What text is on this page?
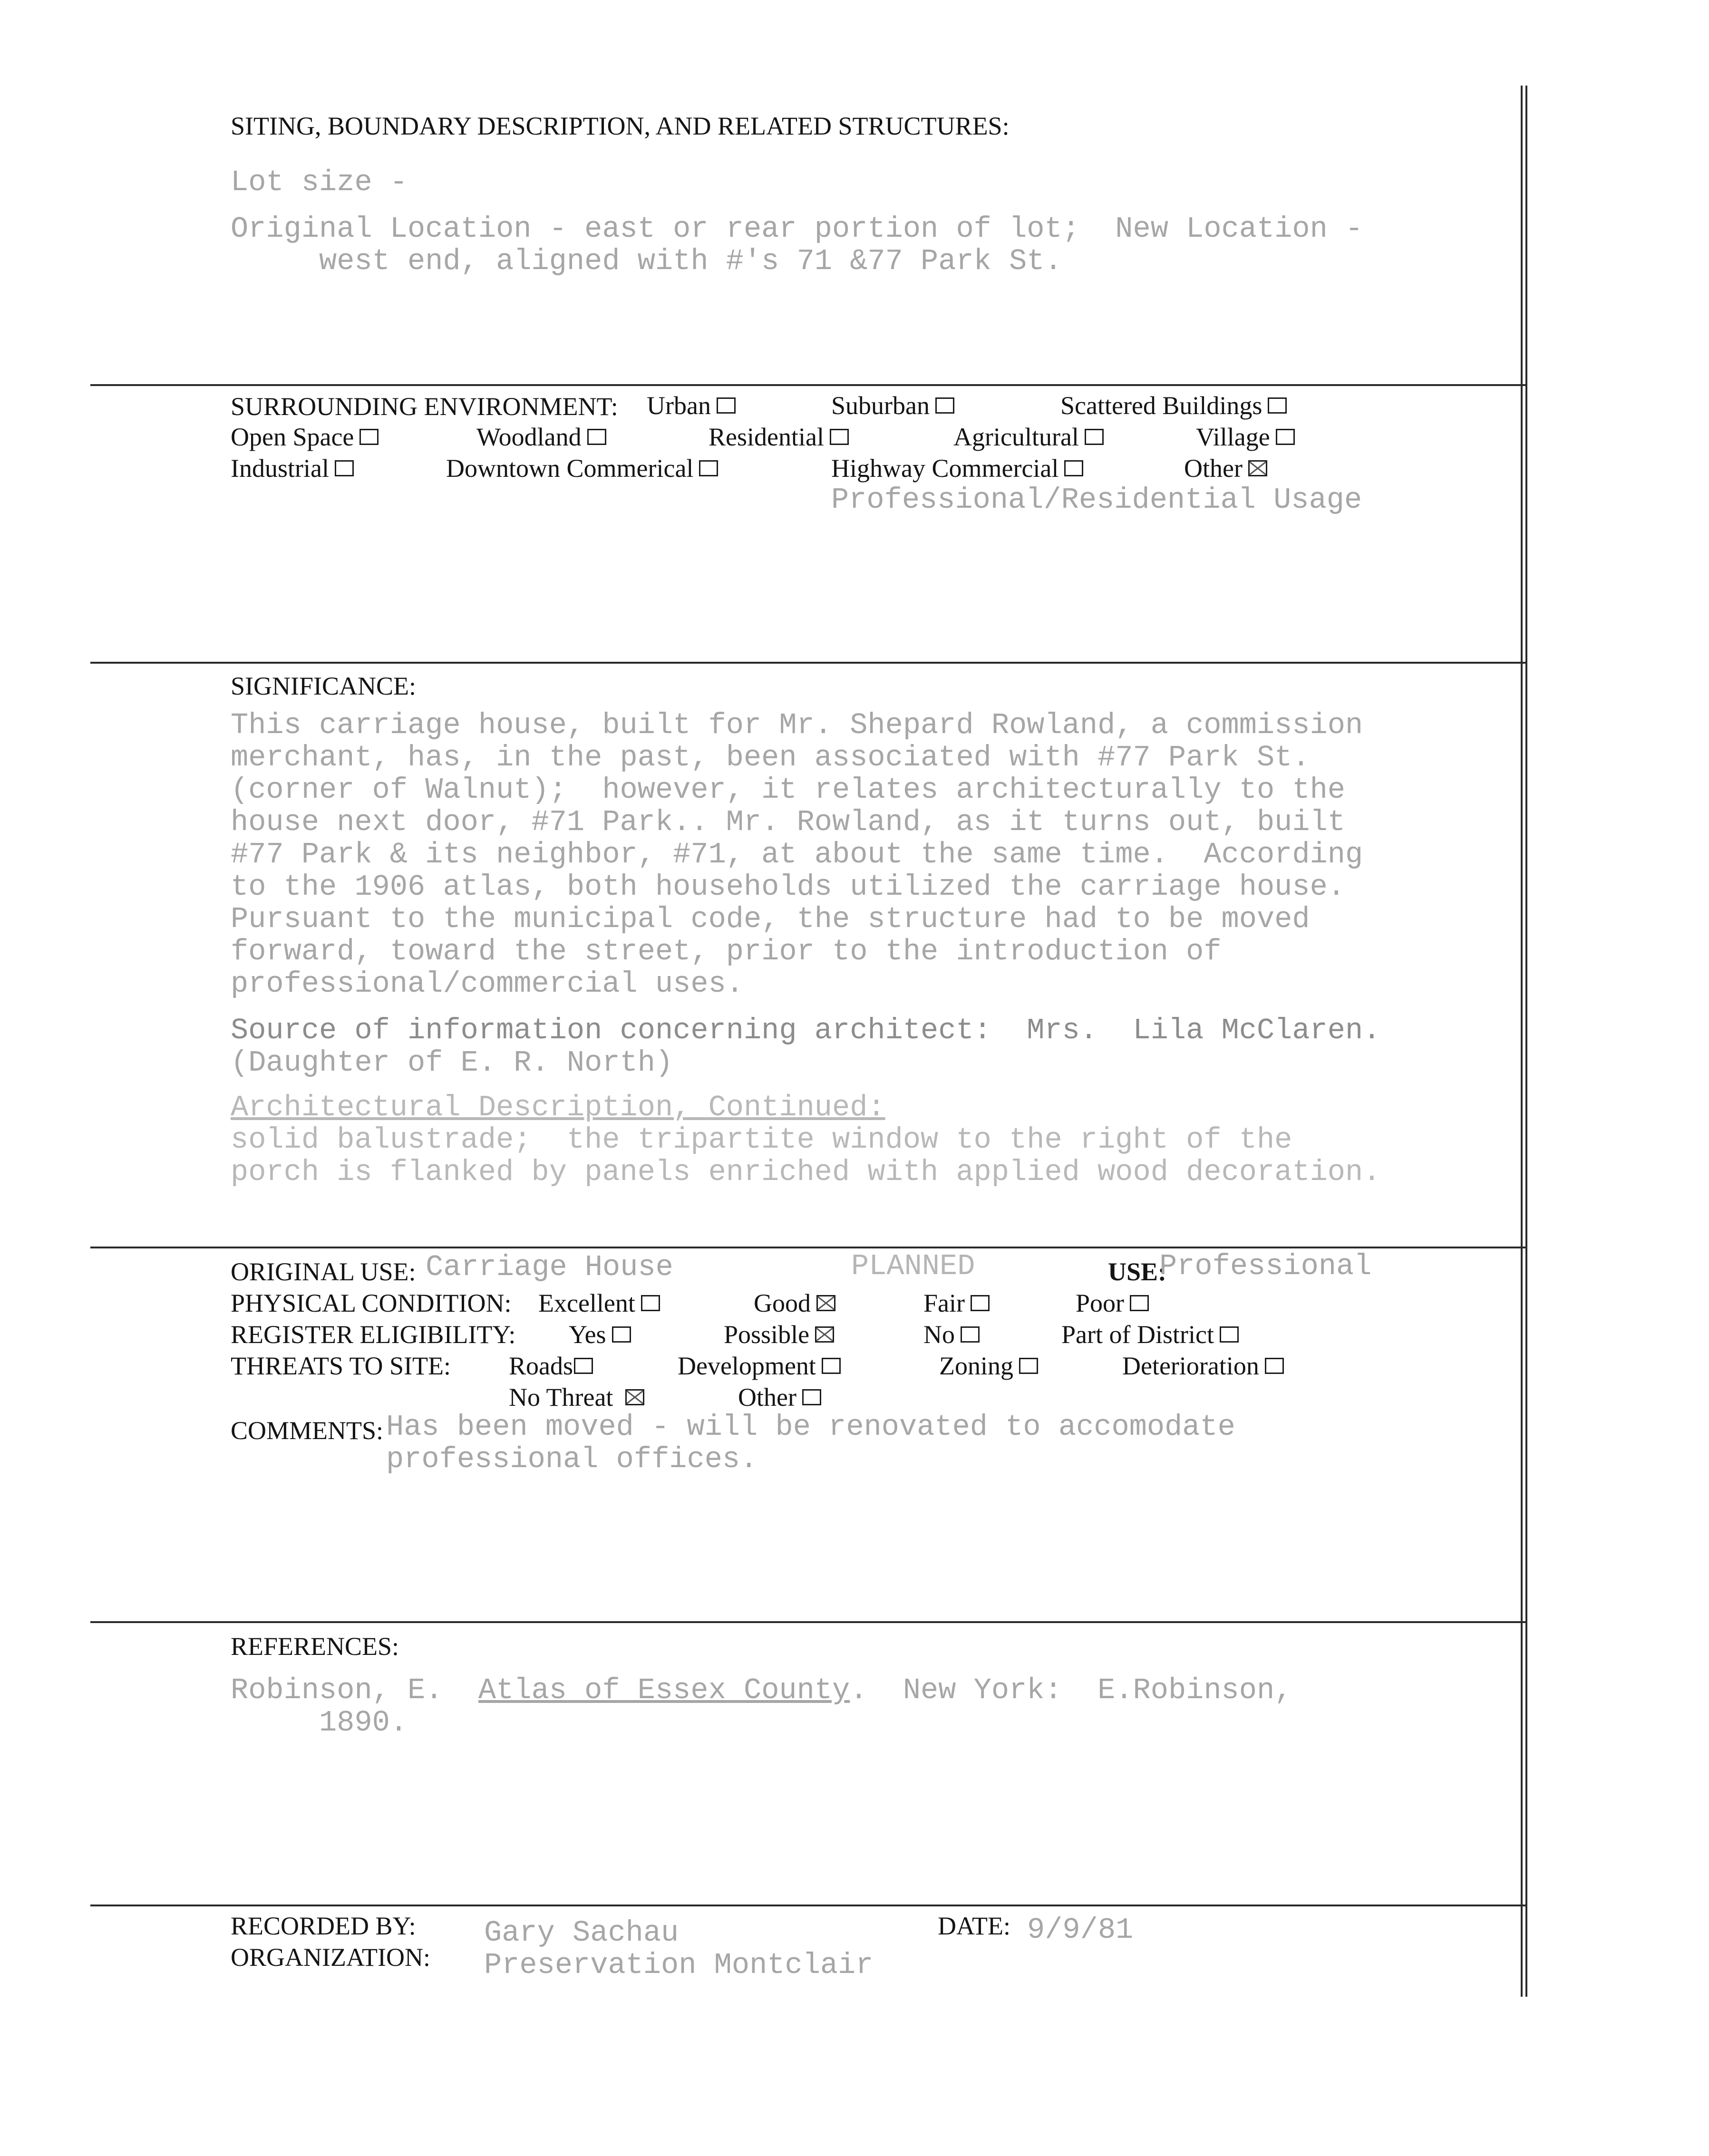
SITING, BOUNDARY DESCRIPTION, AND RELATED STRUCTURES:
Lot size -
Original Location - east or rear portion of lot;  New Location -
west end, aligned with #'s 71 &77 Park St.
SURROUNDING ENVIRONMENT: Urban	Suburban	Scattered Buildings
Open Space	Woodland	Residential	Agricultural	Village
Industrial	Downtown Commerical	Highway Commercial	Other
Professional/Residential Usage
SIGNIFICANCE:
This carriage house, built for Mr. Shepard Rowland, a commission
merchant, has, in the past, been associated with #77 Park St.
(corner of Walnut);  however, it relates architecturally to the
house next door, #71 Park.. Mr. Rowland, as it turns out, built
#77 Park & its neighbor, #71, at about the same time.  According
to the 1906 atlas, both households utilized the carriage house.
Pursuant to the municipal code, the structure had to be moved
forward, toward the street, prior to the introduction of
professional/commercial uses.
Source of information concerning architect:  Mrs.  Lila McClaren.
(Daughter of E. R. North)
Architectural Description, Continued:
solid balustrade;  the tripartite window to the right of the
porch is flanked by panels enriched with applied wood decoration.
ORIGINAL USE: Carriage House	PLANNED	USE:
Professional
PHYSICAL CONDITION: Excellent	Good	Fair	Poor
REGISTER ELIGIBILITY: Yes	Possible	No	Part of District
THREATS TO SITE: Roads	Development	Zoning	Deterioration
No Threat	Other
COMMENTS: Has been moved - will be renovated to accomodate
professional offices.
REFERENCES:
Robinson, E. Atlas of Essex County.  New York:  E.Robinson,
1890.
RECORDED BY: Gary Sachau	DATE: 9/9/81
ORGANIZATION: Preservation Montclair
